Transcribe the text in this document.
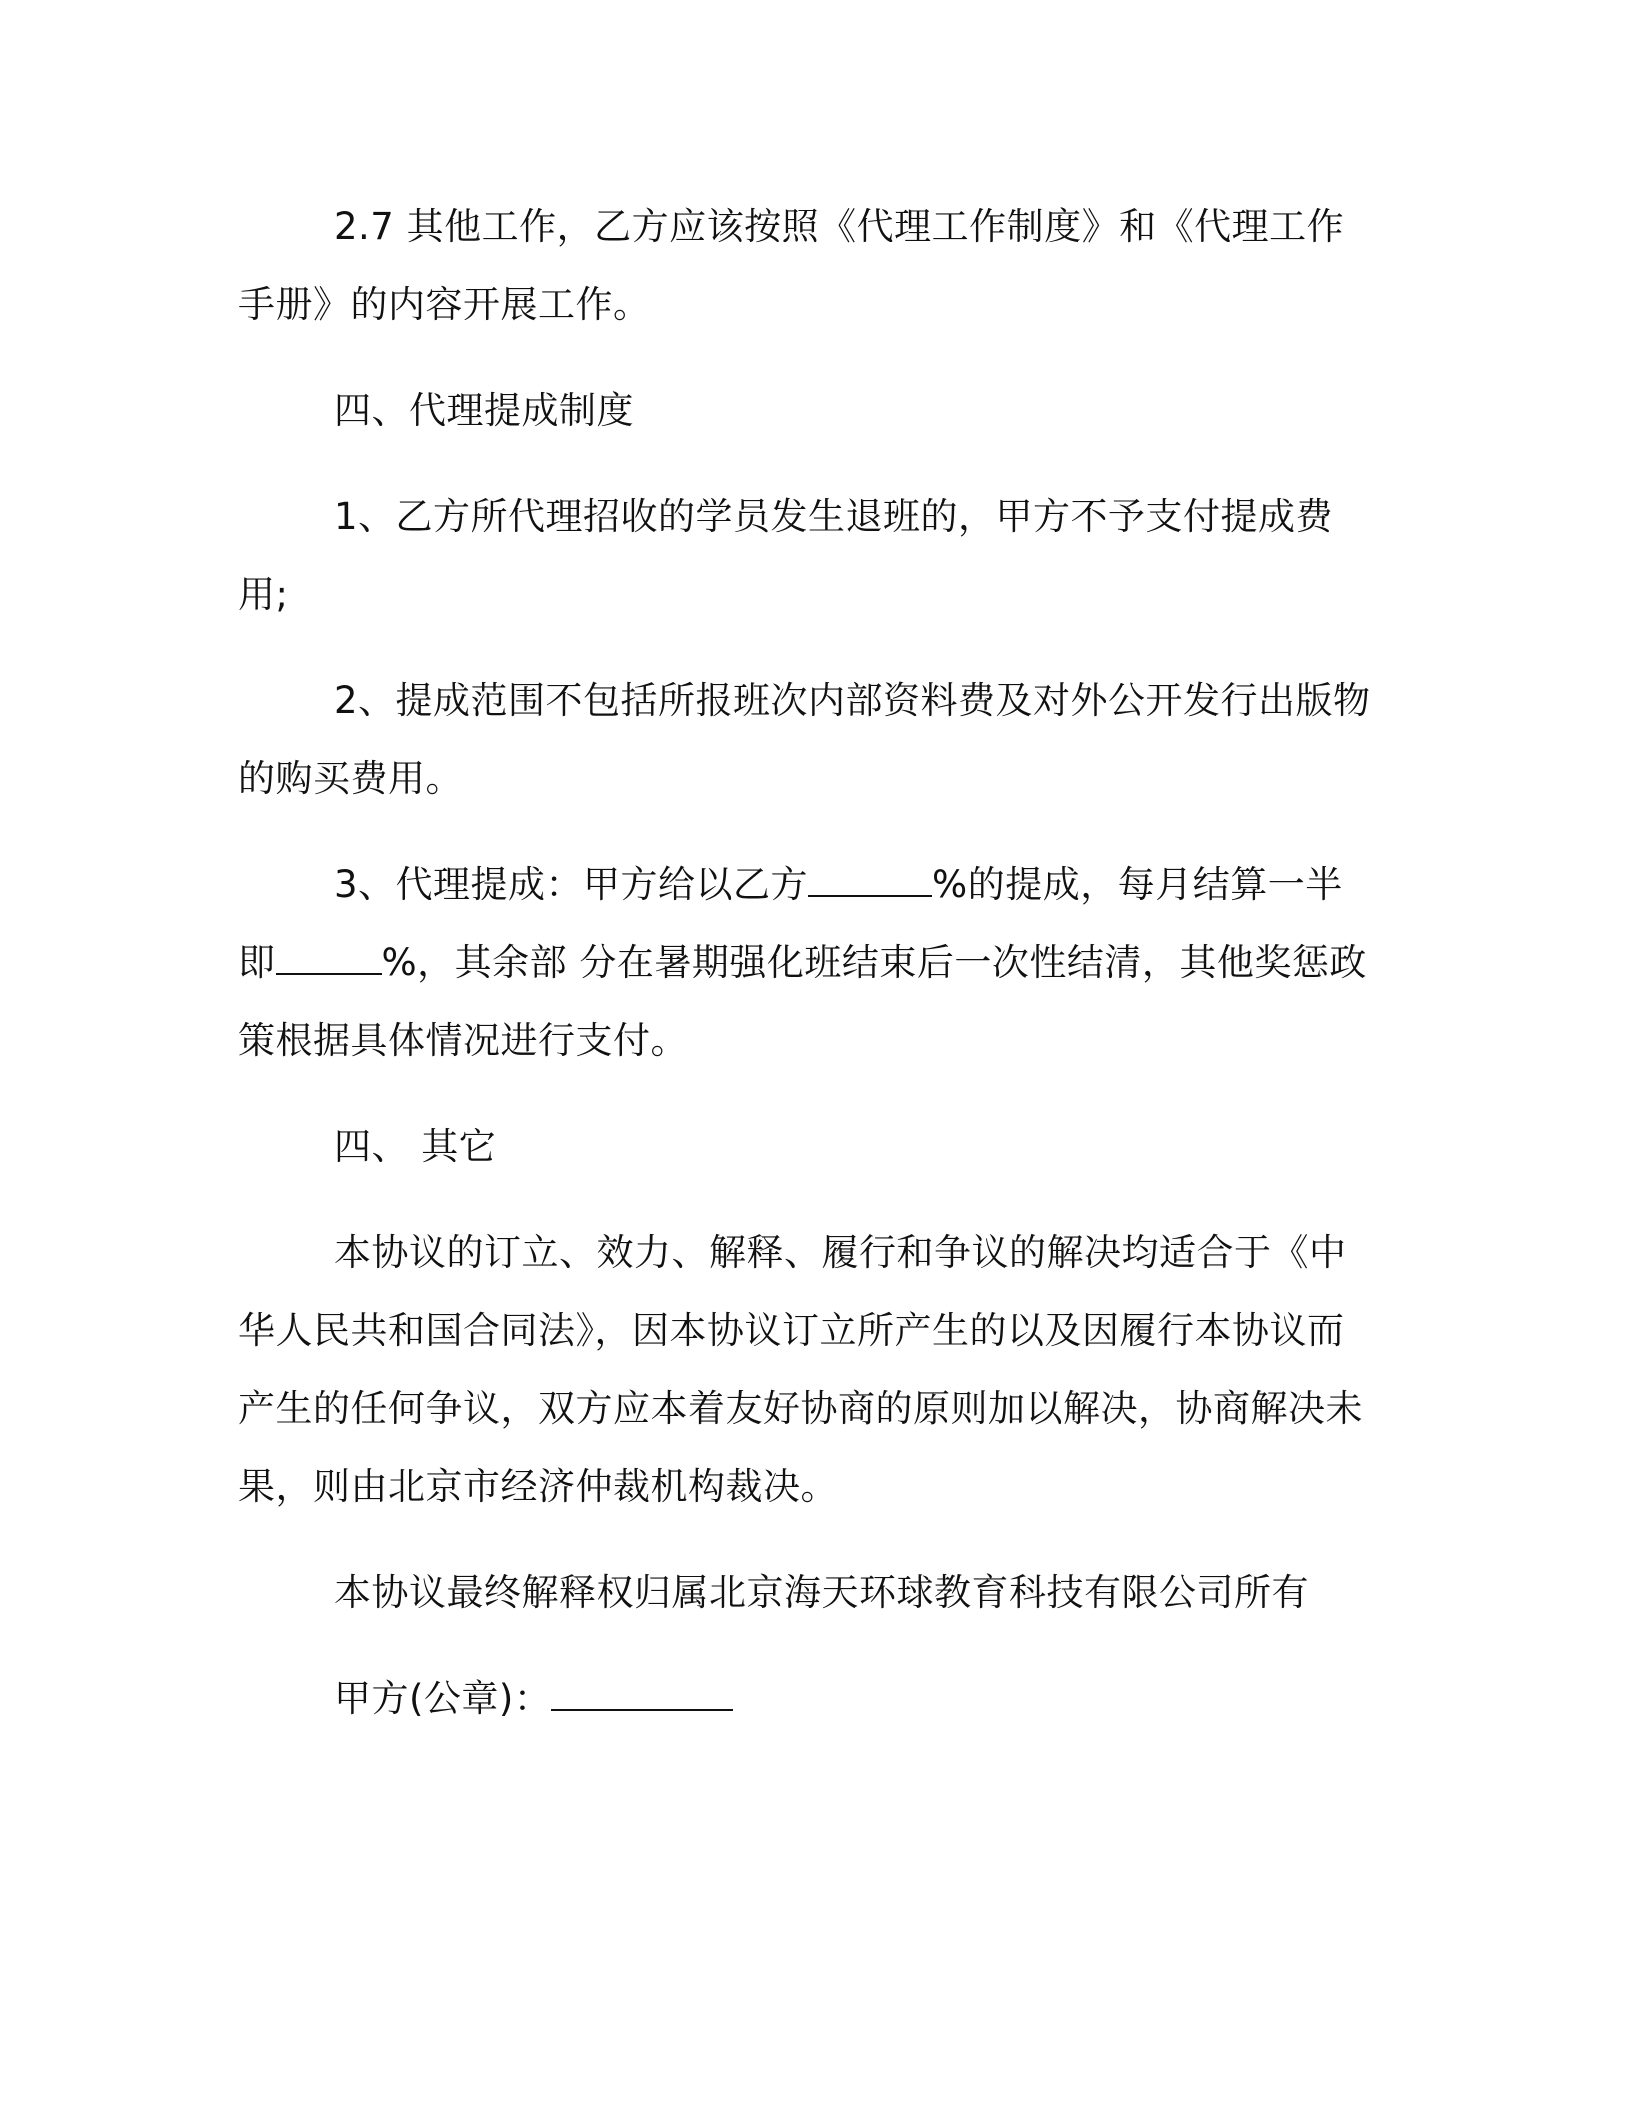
2.7 其他工作，乙方应该按照《代理工作制度》和《代理工作手册》的内容开展工作。

四、代理提成制度

1、乙方所代理招收的学员发生退班的，甲方不予支付提成费用;

2、提成范围不包括所报班次内部资料费及对外公开发行出版物的购买费用。

3、代理提成：甲方给以乙方	%的提成，每月结算一半即	%，其余部 分在暑期强化班结束后一次性结清，其他奖惩政策根据具体情况进行支付。

四、 其它

本协议的订立、效力、解释、履行和争议的解决均适合于《中华人民共和国合同法》，因本协议订立所产生的以及因履行本协议而产生的任何争议，双方应本着友好协商的原则加以解决，协商解决未果，则由北京市经济仲裁机构裁决。

本协议最终解释权归属北京海天环球教育科技有限公司所有

甲方(公章)：
